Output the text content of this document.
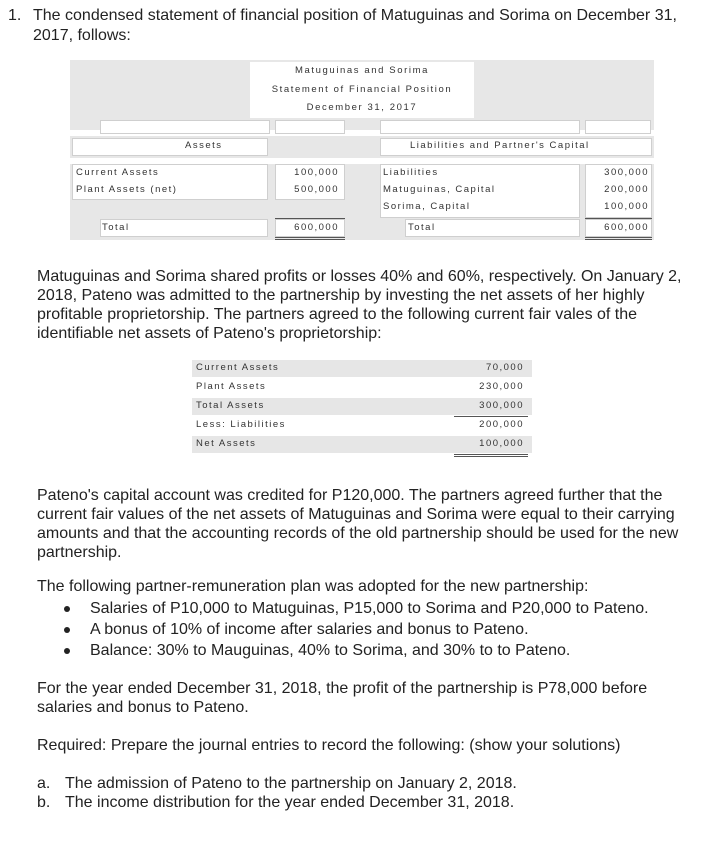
1. The condensed statement of financial position of Matuguinas and Sorima on December 31, 2017, follows:
Matuguinas and Sorima
Statement of Financial Position
December 31, 2017
Assets	Liabilities and Partner's Capital
Current Assets	100,000
Plant Assets (net)	500,000
Liabilities	300,000
Matuguinas, Capital	200,000
Sorima, Capital	100,000
Total	600,000	Total	600,000
Matuguinas and Sorima shared profits or losses 40% and 60%, respectively. On January 2, 2018, Pateno was admitted to the partnership by investing the net assets of her highly profitable proprietorship. The partners agreed to the following current fair vales of the identifiable net assets of Pateno's proprietorship:
Current Assets	70,000
Plant Assets	230,000
Total Assets	300,000
Less: Liabilities	200,000
Net Assets	100,000
Pateno's capital account was credited for P120,000. The partners agreed further that the current fair values of the net assets of Matuguinas and Sorima were equal to their carrying amounts and that the accounting records of the old partnership should be used for the new partnership.
The following partner-remuneration plan was adopted for the new partnership:
Salaries of P10,000 to Matuguinas, P15,000 to Sorima and P20,000 to Pateno.
A bonus of 10% of income after salaries and bonus to Pateno.
Balance: 30% to Mauguinas, 40% to Sorima, and 30% to to Pateno.
For the year ended December 31, 2018, the profit of the partnership is P78,000 before salaries and bonus to Pateno.
Required: Prepare the journal entries to record the following: (show your solutions)
a. The admission of Pateno to the partnership on January 2, 2018.
b. The income distribution for the year ended December 31, 2018.
